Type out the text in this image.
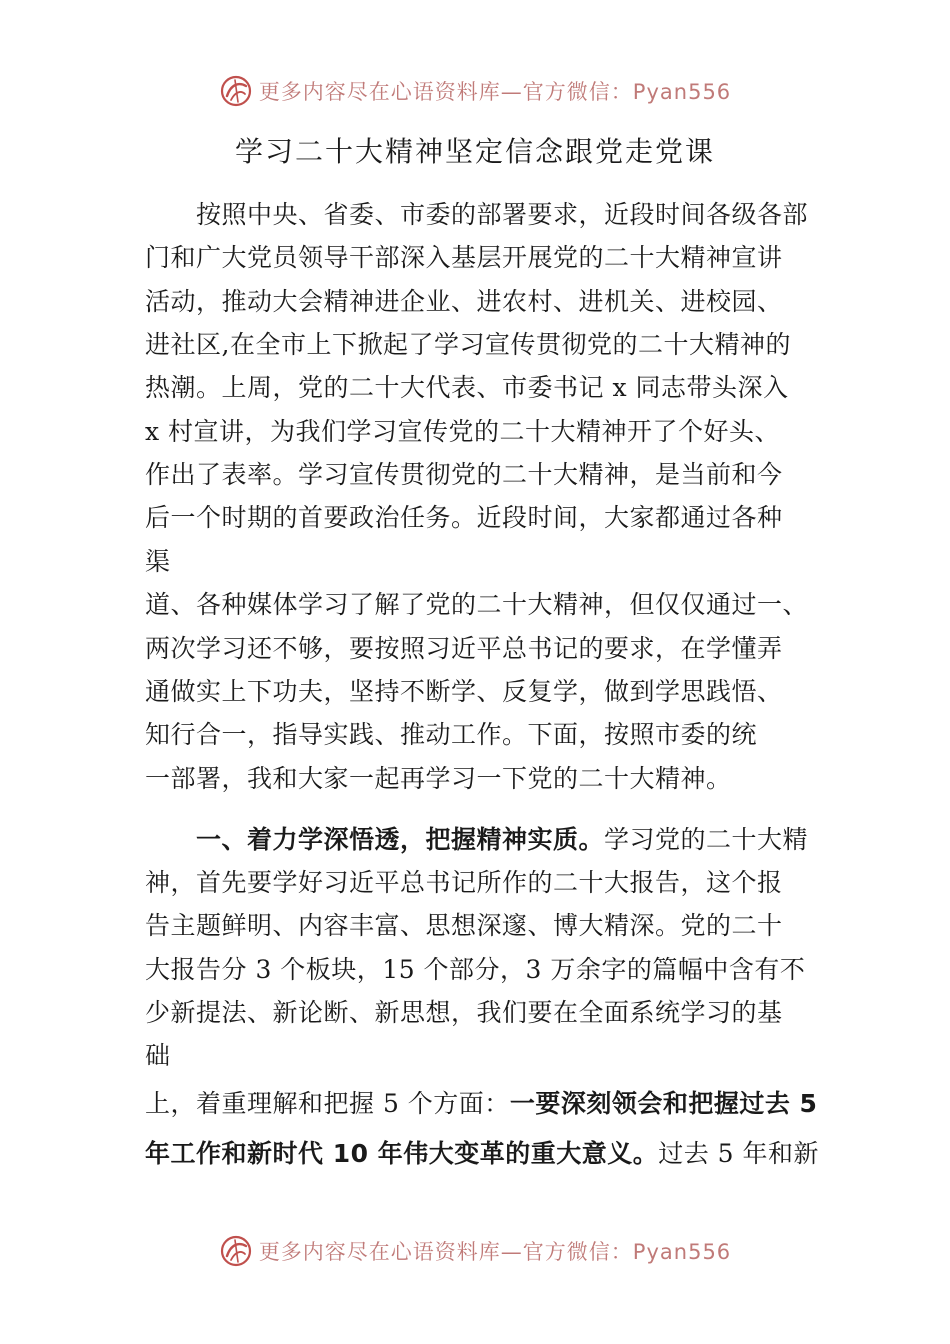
更多内容尽在心语资料库—官方微信：Pyan556
学习二十大精神坚定信念跟党走党课
　　按照中央、省委、市委的部署要求，近段时间各级各部
门和广大党员领导干部深入基层开展党的二十大精神宣讲
活动，推动大会精神进企业、进农村、进机关、进校园、
进社区,在全市上下掀起了学习宣传贯彻党的二十大精神的
热潮。上周，党的二十大代表、市委书记 x 同志带头深入
x 村宣讲，为我们学习宣传党的二十大精神开了个好头、
作出了表率。学习宣传贯彻党的二十大精神，是当前和今
后一个时期的首要政治任务。近段时间，大家都通过各种
渠
道、各种媒体学习了解了党的二十大精神，但仅仅通过一、
两次学习还不够，要按照习近平总书记的要求，在学懂弄
通做实上下功夫，坚持不断学、反复学，做到学思践悟、
知行合一，指导实践、推动工作。下面，按照市委的统
一部署，我和大家一起再学习一下党的二十大精神。
　　一、着力学深悟透，把握精神实质。学习党的二十大精
神，首先要学好习近平总书记所作的二十大报告，这个报
告主题鲜明、内容丰富、思想深邃、博大精深。党的二十
大报告分 3 个板块，15 个部分，3 万余字的篇幅中含有不
少新提法、新论断、新思想，我们要在全面系统学习的基
础
上，着重理解和把握 5 个方面：一要深刻领会和把握过去 5
年工作和新时代 10 年伟大变革的重大意义。过去 5 年和新
更多内容尽在心语资料库—官方微信：Pyan556
